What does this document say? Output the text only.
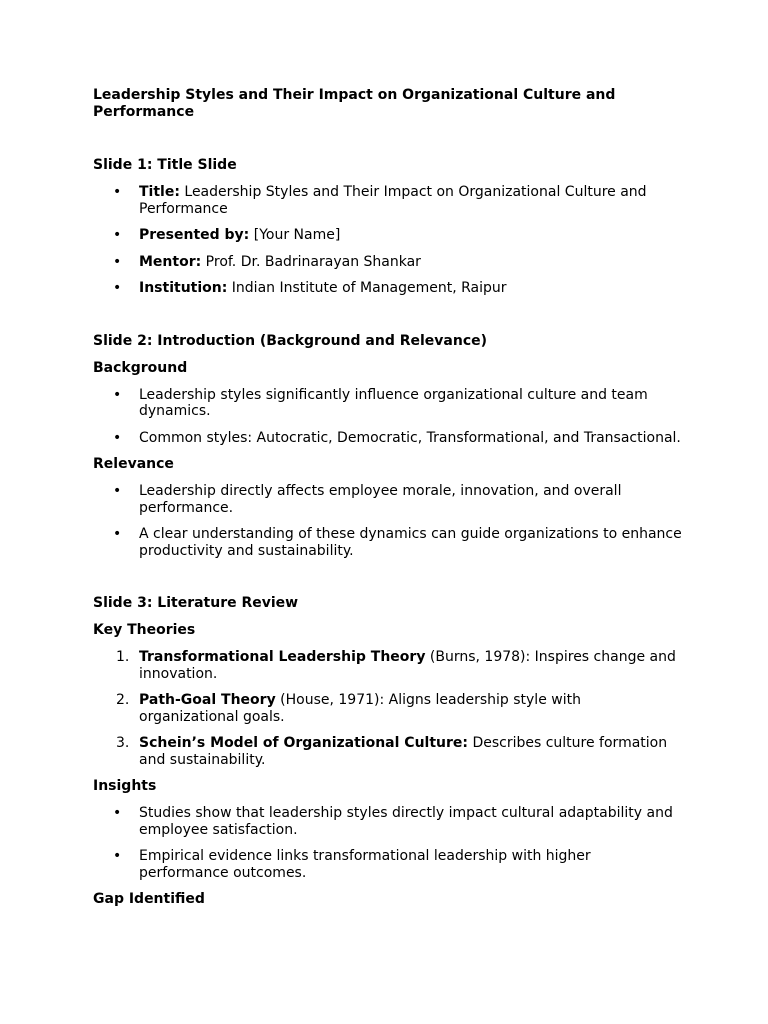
Leadership Styles and Their Impact on Organizational Culture and Performance

Slide 1: Title Slide

• Title: Leadership Styles and Their Impact on Organizational Culture and Performance
• Presented by: [Your Name]
• Mentor: Prof. Dr. Badrinarayan Shankar
• Institution: Indian Institute of Management, Raipur

Slide 2: Introduction (Background and Relevance)

Background

• Leadership styles significantly influence organizational culture and team dynamics.
• Common styles: Autocratic, Democratic, Transformational, and Transactional.

Relevance

• Leadership directly affects employee morale, innovation, and overall performance.
• A clear understanding of these dynamics can guide organizations to enhance productivity and sustainability.

Slide 3: Literature Review

Key Theories

1. Transformational Leadership Theory (Burns, 1978): Inspires change and innovation.
2. Path-Goal Theory (House, 1971): Aligns leadership style with organizational goals.
3. Schein’s Model of Organizational Culture: Describes culture formation and sustainability.

Insights

• Studies show that leadership styles directly impact cultural adaptability and employee satisfaction.
• Empirical evidence links transformational leadership with higher performance outcomes.

Gap Identified
